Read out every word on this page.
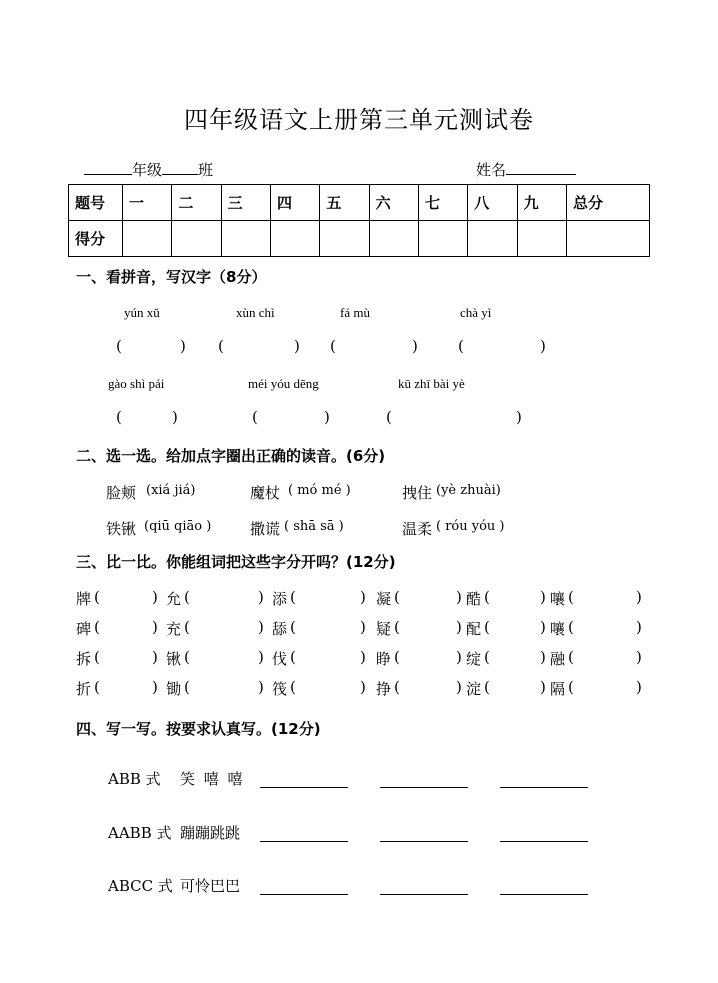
四年级语文上册第三单元测试卷
年级 班	姓名
题号	一	二	三	四	五	六	七	八	九	总分
得分										
一、看拼音，写汉字（8分）
yún xǔ	xùn chì	fá mù	chà yì
(	) (	) (	)	(	)
gào shì pái	méi yóu dēng	kū zhī bài yè
(	)	(	)	(	)
二、选一选。给加点字圈出正确的读音。(6分)
脸颊 (xiá jiá)	魔杖 ( mó mé )	拽住 (yè zhuài)
铁锹 (qiū qiāo )	撒谎 ( shā sā )	温柔 ( róu yóu )
三、比一比。你能组词把这些字分开吗？(12分)
牌 (	) 允 (	) 添 (	) 凝 (	) 酷 (	) 嚷 (	)
碑 (	) 充 (	) 舔 (	) 疑 (	) 配 (	) 嚷 (	)
拆 (	) 锹 (	) 伐 (	) 睁 (	) 绽 (	) 融 (	)
折 (	) 锄 (	) 筏 (	) 挣 (	) 淀 (	) 隔 (	)
四、写一写。按要求认真写。(12分)
ABB 式 笑 嘻 嘻
AABB 式 蹦蹦跳跳
ABCC 式 可怜巴巴
